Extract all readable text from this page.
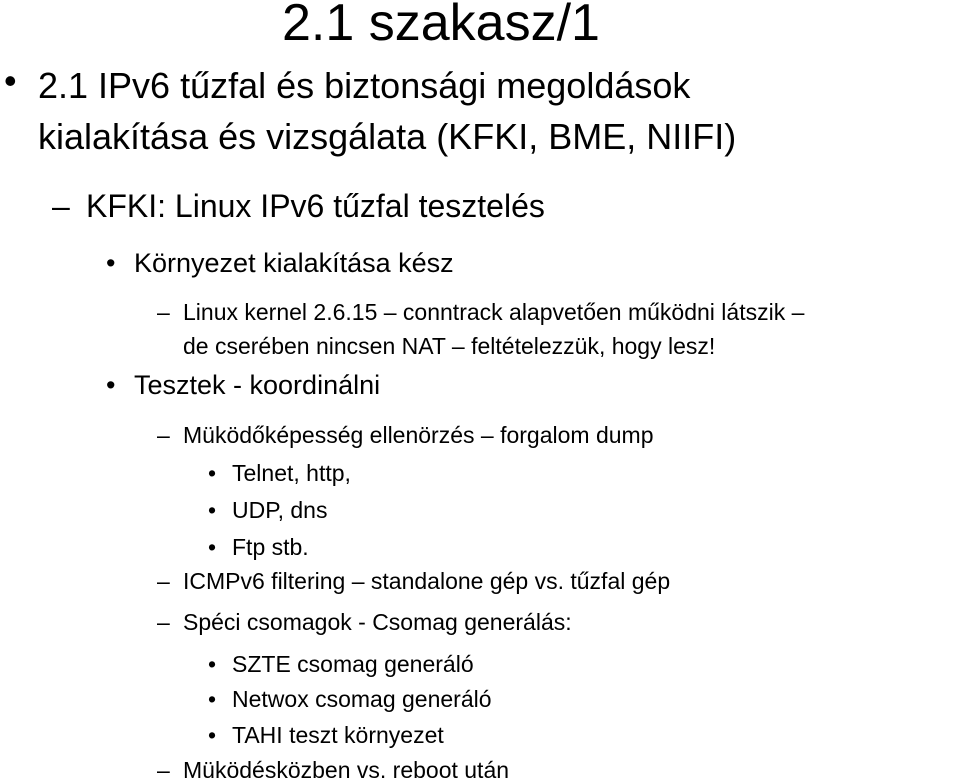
2.1 szakasz/1
• 2.1 IPv6 tűzfal és biztonsági megoldások
kialakítása és vizsgálata (KFKI, BME, NIIFI)
– KFKI: Linux IPv6 tűzfal tesztelés
• Környezet kialakítása kész
– Linux kernel 2.6.15 – conntrack alapvetően működni látszik –
de cserében nincsen NAT – feltételezzük, hogy lesz!
• Tesztek - koordinálni
– Müködőképesség ellenörzés – forgalom dump
• Telnet, http,
• UDP, dns
• Ftp stb.
– ICMPv6 filtering – standalone gép vs. tűzfal gép
– Spéci csomagok - Csomag generálás:
• SZTE csomag generáló
• Netwox csomag generáló
• TAHI teszt környezet
– Müködésközben vs. reboot után
